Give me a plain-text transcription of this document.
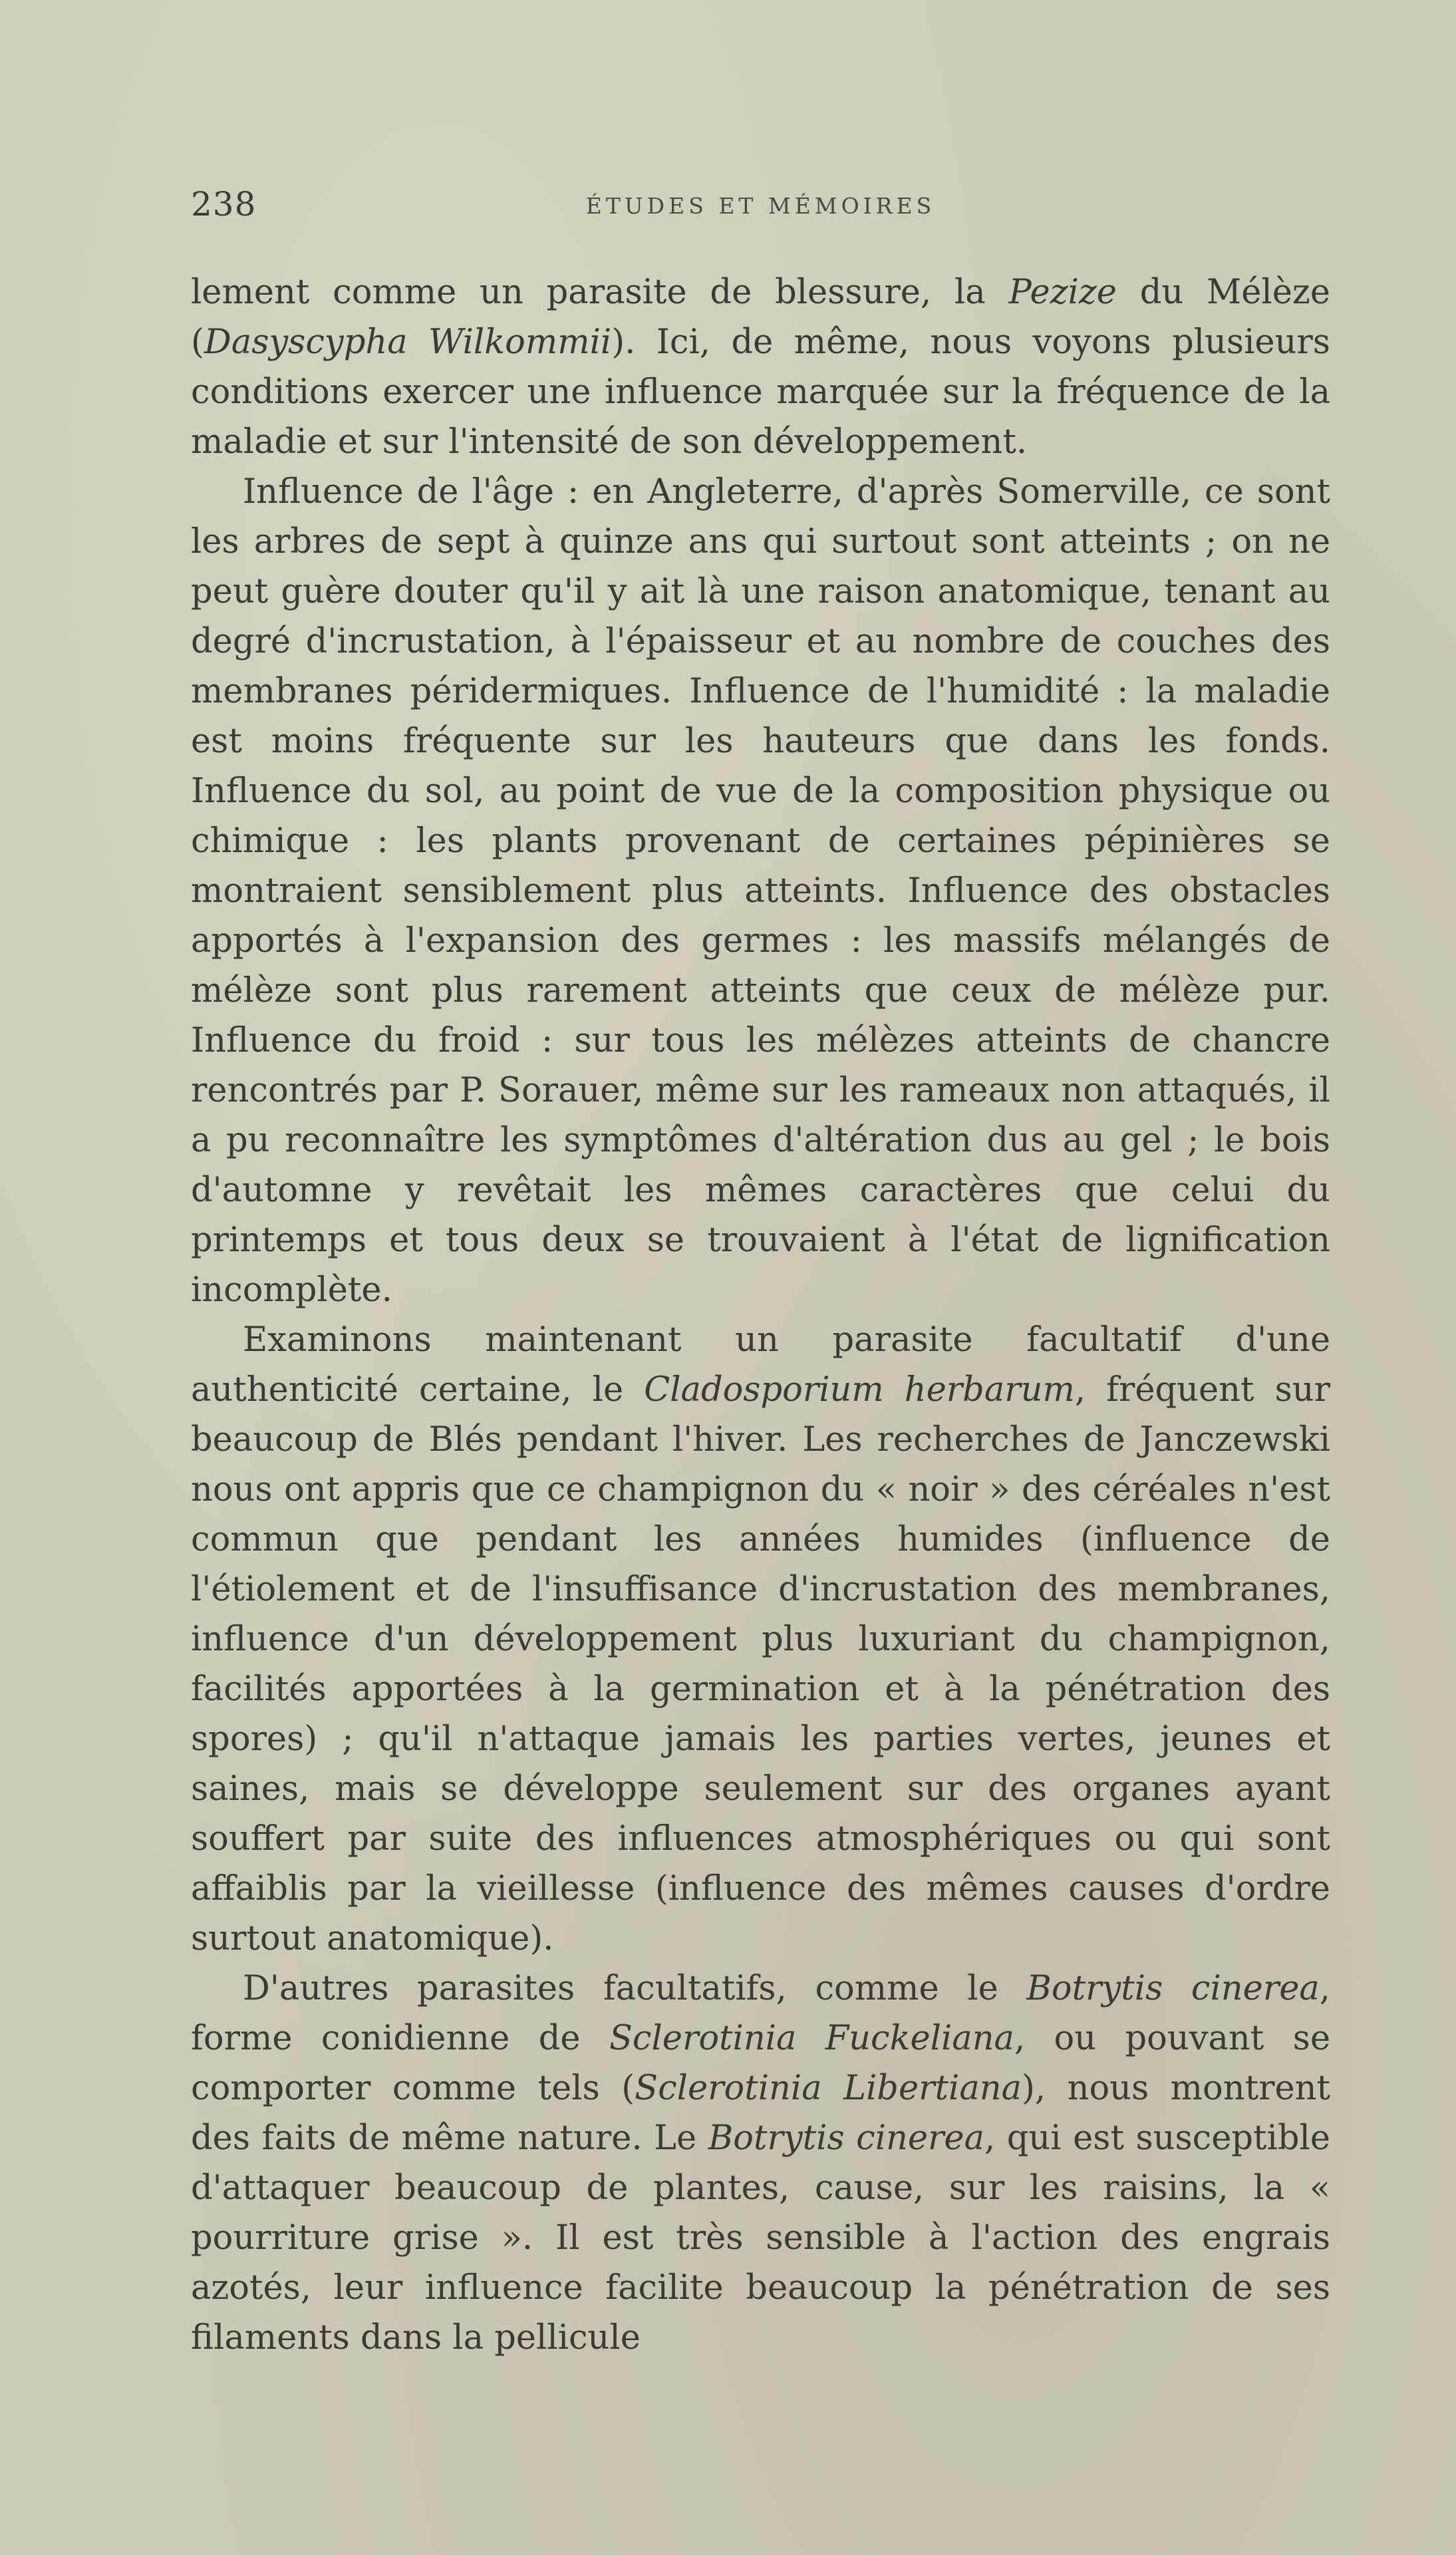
238	ÉTUDES ET MÉMOIRES

lement comme un parasite de blessure, la Pezize du Mélèze (Dasyscypha Wilkommii). Ici, de même, nous voyons plusieurs conditions exercer une influence marquée sur la fréquence de la maladie et sur l'intensité de son développement.

Influence de l'âge : en Angleterre, d'après Somerville, ce sont les arbres de sept à quinze ans qui surtout sont atteints ; on ne peut guère douter qu'il y ait là une raison anatomique, tenant au degré d'incrustation, à l'épaisseur et au nombre de couches des membranes péridermiques. Influence de l'humidité : la maladie est moins fréquente sur les hauteurs que dans les fonds. Influence du sol, au point de vue de la composition physique ou chimique : les plants provenant de certaines pépinières se montraient sensiblement plus atteints. Influence des obstacles apportés à l'expansion des germes : les massifs mélangés de mélèze sont plus rarement atteints que ceux de mélèze pur. Influence du froid : sur tous les mélèzes atteints de chancre rencontrés par P. Sorauer, même sur les rameaux non attaqués, il a pu reconnaître les symptômes d'altération dus au gel ; le bois d'automne y revêtait les mêmes caractères que celui du printemps et tous deux se trouvaient à l'état de lignification incomplète.

Examinons maintenant un parasite facultatif d'une authenticité certaine, le Cladosporium herbarum, fréquent sur beaucoup de Blés pendant l'hiver. Les recherches de Janczewski nous ont appris que ce champignon du « noir » des céréales n'est commun que pendant les années humides (influence de l'étiolement et de l'insuffisance d'incrustation des membranes, influence d'un développement plus luxuriant du champignon, facilités apportées à la germination et à la pénétration des spores) ; qu'il n'attaque jamais les parties vertes, jeunes et saines, mais se développe seulement sur des organes ayant souffert par suite des influences atmosphériques ou qui sont affaiblis par la vieillesse (influence des mêmes causes d'ordre surtout anatomique).

D'autres parasites facultatifs, comme le Botrytis cinerea, forme conidienne de Sclerotinia Fuckeliana, ou pouvant se comporter comme tels (Sclerotinia Libertiana), nous montrent des faits de même nature. Le Botrytis cinerea, qui est susceptible d'attaquer beaucoup de plantes, cause, sur les raisins, la « pourriture grise ». Il est très sensible à l'action des engrais azotés, leur influence facilite beaucoup la pénétration de ses filaments dans la pellicule
